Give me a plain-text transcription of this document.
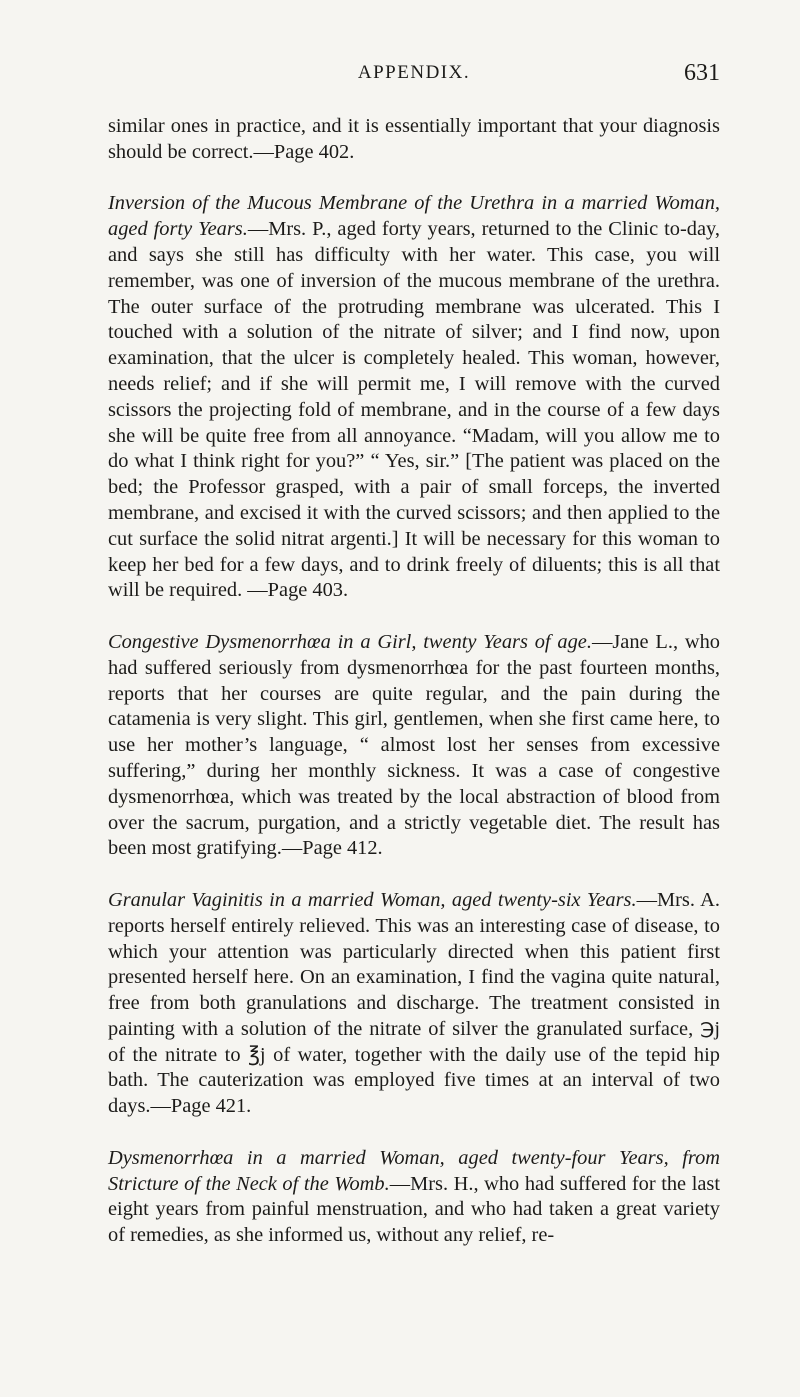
APPENDIX.	631

similar ones in practice, and it is essentially important that your diagnosis should be correct.—Page 402.

Inversion of the Mucous Membrane of the Urethra in a married Woman, aged forty Years.—Mrs. P., aged forty years, returned to the Clinic to-day, and says she still has difficulty with her water. This case, you will remember, was one of inversion of the mucous membrane of the urethra. The outer surface of the protruding membrane was ulcerated. This I touched with a solution of the nitrate of silver; and I find now, upon examination, that the ulcer is completely healed. This woman, however, needs relief; and if she will permit me, I will remove with the curved scissors the projecting fold of membrane, and in the course of a few days she will be quite free from all annoyance. “Madam, will you allow me to do what I think right for you?” “ Yes, sir.” [The patient was placed on the bed; the Professor grasped, with a pair of small forceps, the inverted membrane, and excised it with the curved scissors; and then applied to the cut surface the solid nitrat argenti.] It will be necessary for this woman to keep her bed for a few days, and to drink freely of diluents; this is all that will be required. —Page 403.

Congestive Dysmenorrhœa in a Girl, twenty Years of age.—Jane L., who had suffered seriously from dysmenorrhœa for the past fourteen months, reports that her courses are quite regular, and the pain during the catamenia is very slight. This girl, gentlemen, when she first came here, to use her mother’s language, “ almost lost her senses from excessive suffering,” during her monthly sickness. It was a case of congestive dysmenorrhœa, which was treated by the local abstraction of blood from over the sacrum, purgation, and a strictly vegetable diet. The result has been most gratifying.—Page 412.

Granular Vaginitis in a married Woman, aged twenty-six Years.—Mrs. A. reports herself entirely relieved. This was an interesting case of disease, to which your attention was particularly directed when this patient first presented herself here. On an examination, I find the vagina quite natural, free from both granulations and discharge. The treatment consisted in painting with a solution of the nitrate of silver the granulated surface, ℈j of the nitrate to ℥j of water, together with the daily use of the tepid hip bath. The cauterization was employed five times at an interval of two days.—Page 421.

Dysmenorrhœa in a married Woman, aged twenty-four Years, from Stricture of the Neck of the Womb.—Mrs. H., who had suffered for the last eight years from painful menstruation, and who had taken a great variety of remedies, as she informed us, without any relief, re-
